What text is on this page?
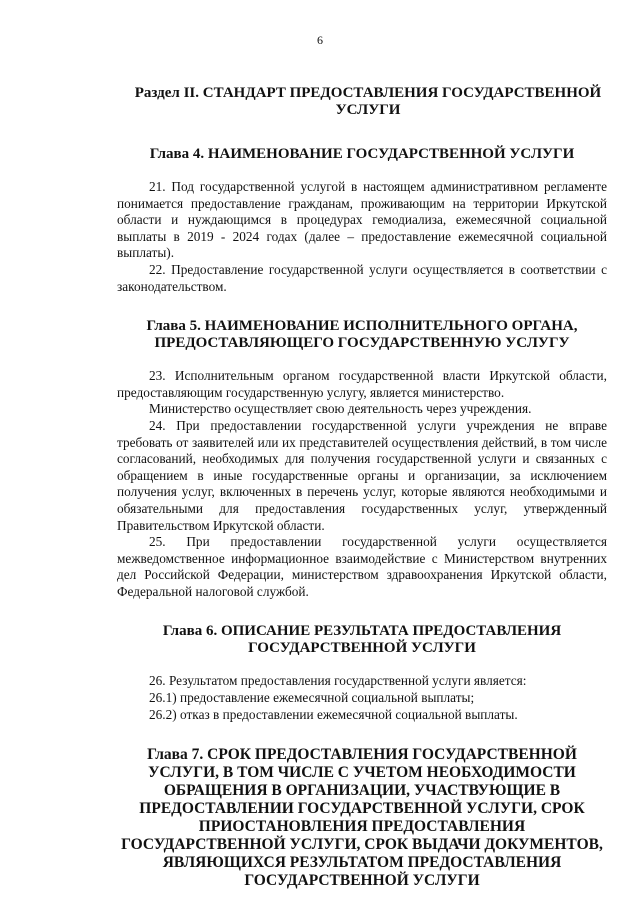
6
Раздел II. СТАНДАРТ ПРЕДОСТАВЛЕНИЯ ГОСУДАРСТВЕННОЙ УСЛУГИ
Глава 4. НАИМЕНОВАНИЕ ГОСУДАРСТВЕННОЙ УСЛУГИ

21. Под государственной услугой в настоящем административном регламенте понимается предоставление гражданам, проживающим на территории Иркутской области и нуждающимся в процедурах гемодиализа, ежемесячной социальной выплаты в 2019 - 2024 годах (далее – предоставление ежемесячной социальной выплаты).

22. Предоставление государственной услуги осуществляется в соответствии с законодательством.

Глава 5. НАИМЕНОВАНИЕ ИСПОЛНИТЕЛЬНОГО ОРГАНА, ПРЕДОСТАВЛЯЮЩЕГО ГОСУДАРСТВЕННУЮ УСЛУГУ

23. Исполнительным органом государственной власти Иркутской области, предоставляющим государственную услугу, является министерство.

Министерство осуществляет свою деятельность через учреждения.

24. При предоставлении государственной услуги учреждения не вправе требовать от заявителей или их представителей осуществления действий, в том числе согласований, необходимых для получения государственной услуги и связанных с обращением в иные государственные органы и организации, за исключением получения услуг, включенных в перечень услуг, которые являются необходимыми и обязательными для предоставления государственных услуг, утвержденный Правительством Иркутской области.

25. При предоставлении государственной услуги осуществляется межведомственное информационное взаимодействие с Министерством внутренних дел Российской Федерации, министерством здравоохранения Иркутской области, Федеральной налоговой службой.

Глава 6. ОПИСАНИЕ РЕЗУЛЬТАТА ПРЕДОСТАВЛЕНИЯ ГОСУДАРСТВЕННОЙ УСЛУГИ

26. Результатом предоставления государственной услуги является:

26.1) предоставление ежемесячной социальной выплаты;

26.2) отказ в предоставлении ежемесячной социальной выплаты.

Глава 7. СРОК ПРЕДОСТАВЛЕНИЯ ГОСУДАРСТВЕННОЙ УСЛУГИ, В ТОМ ЧИСЛЕ С УЧЕТОМ НЕОБХОДИМОСТИ ОБРАЩЕНИЯ В ОРГАНИЗАЦИИ, УЧАСТВУЮЩИЕ В ПРЕДОСТАВЛЕНИИ ГОСУДАРСТВЕННОЙ УСЛУГИ, СРОК ПРИОСТАНОВЛЕНИЯ ПРЕДОСТАВЛЕНИЯ ГОСУДАРСТВЕННОЙ УСЛУГИ, СРОК ВЫДАЧИ ДОКУМЕНТОВ, ЯВЛЯЮЩИХСЯ РЕЗУЛЬТАТОМ ПРЕДОСТАВЛЕНИЯ ГОСУДАРСТВЕННОЙ УСЛУГИ
